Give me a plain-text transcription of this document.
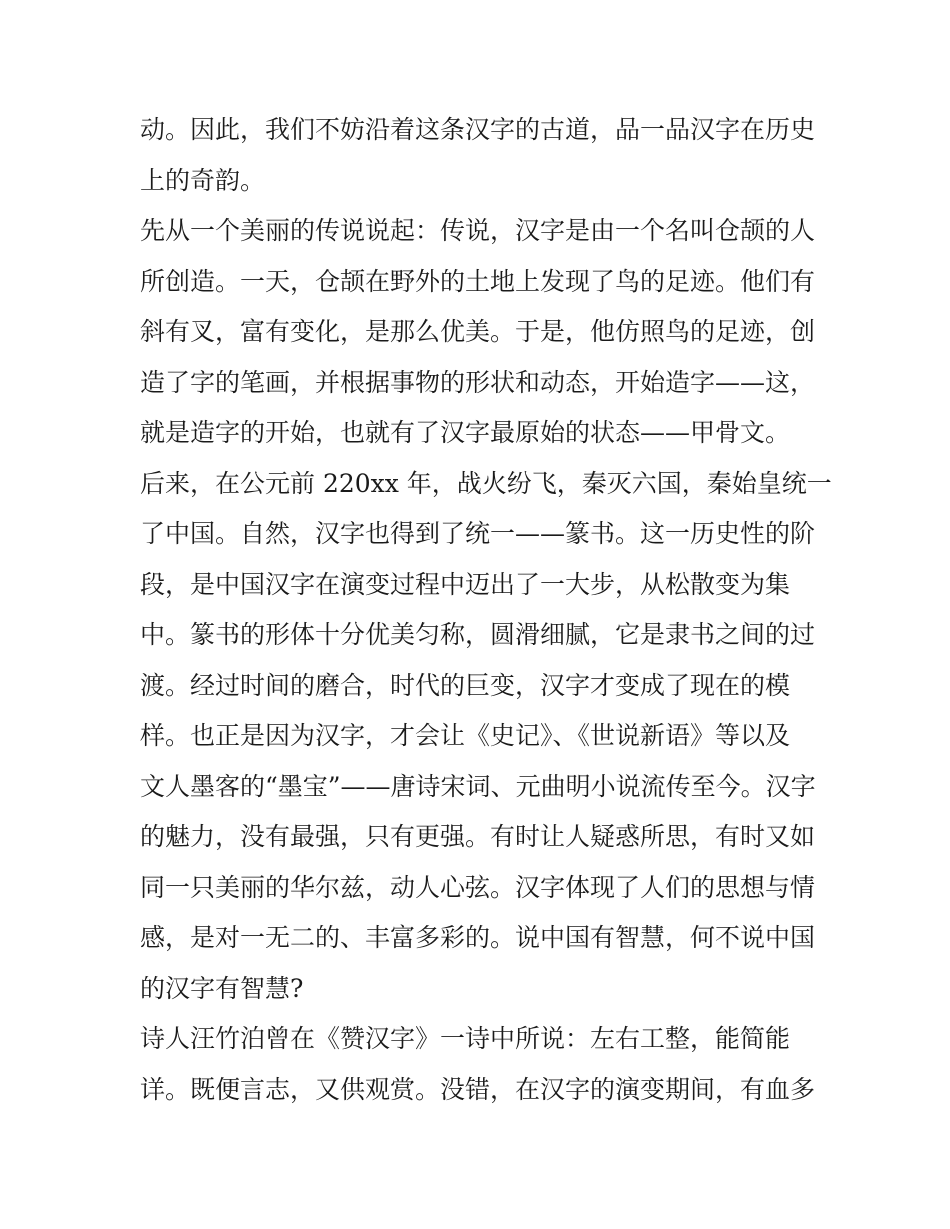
动。因此，我们不妨沿着这条汉字的古道，品一品汉字在历史
上的奇韵。
先从一个美丽的传说说起：传说，汉字是由一个名叫仓颉的人
所创造。一天，仓颉在野外的土地上发现了鸟的足迹。他们有
斜有叉，富有变化，是那么优美。于是，他仿照鸟的足迹，创
造了字的笔画，并根据事物的形状和动态，开始造字——这，
就是造字的开始，也就有了汉字最原始的状态——甲骨文。
后来，在公元前 220xx 年，战火纷飞，秦灭六国，秦始皇统一
了中国。自然，汉字也得到了统一——篆书。这一历史性的阶
段，是中国汉字在演变过程中迈出了一大步，从松散变为集
中。篆书的形体十分优美匀称，圆滑细腻，它是隶书之间的过
渡。经过时间的磨合，时代的巨变，汉字才变成了现在的模
样。也正是因为汉字，才会让《史记》、《世说新语》等以及
文人墨客的“墨宝”——唐诗宋词、元曲明小说流传至今。汉字
的魅力，没有最强，只有更强。有时让人疑惑所思，有时又如
同一只美丽的华尔兹，动人心弦。汉字体现了人们的思想与情
感，是对一无二的、丰富多彩的。说中国有智慧，何不说中国
的汉字有智慧?
诗人汪竹泊曾在《赞汉字》一诗中所说：左右工整，能简能
详。既便言志，又供观赏。没错，在汉字的演变期间，有血多
